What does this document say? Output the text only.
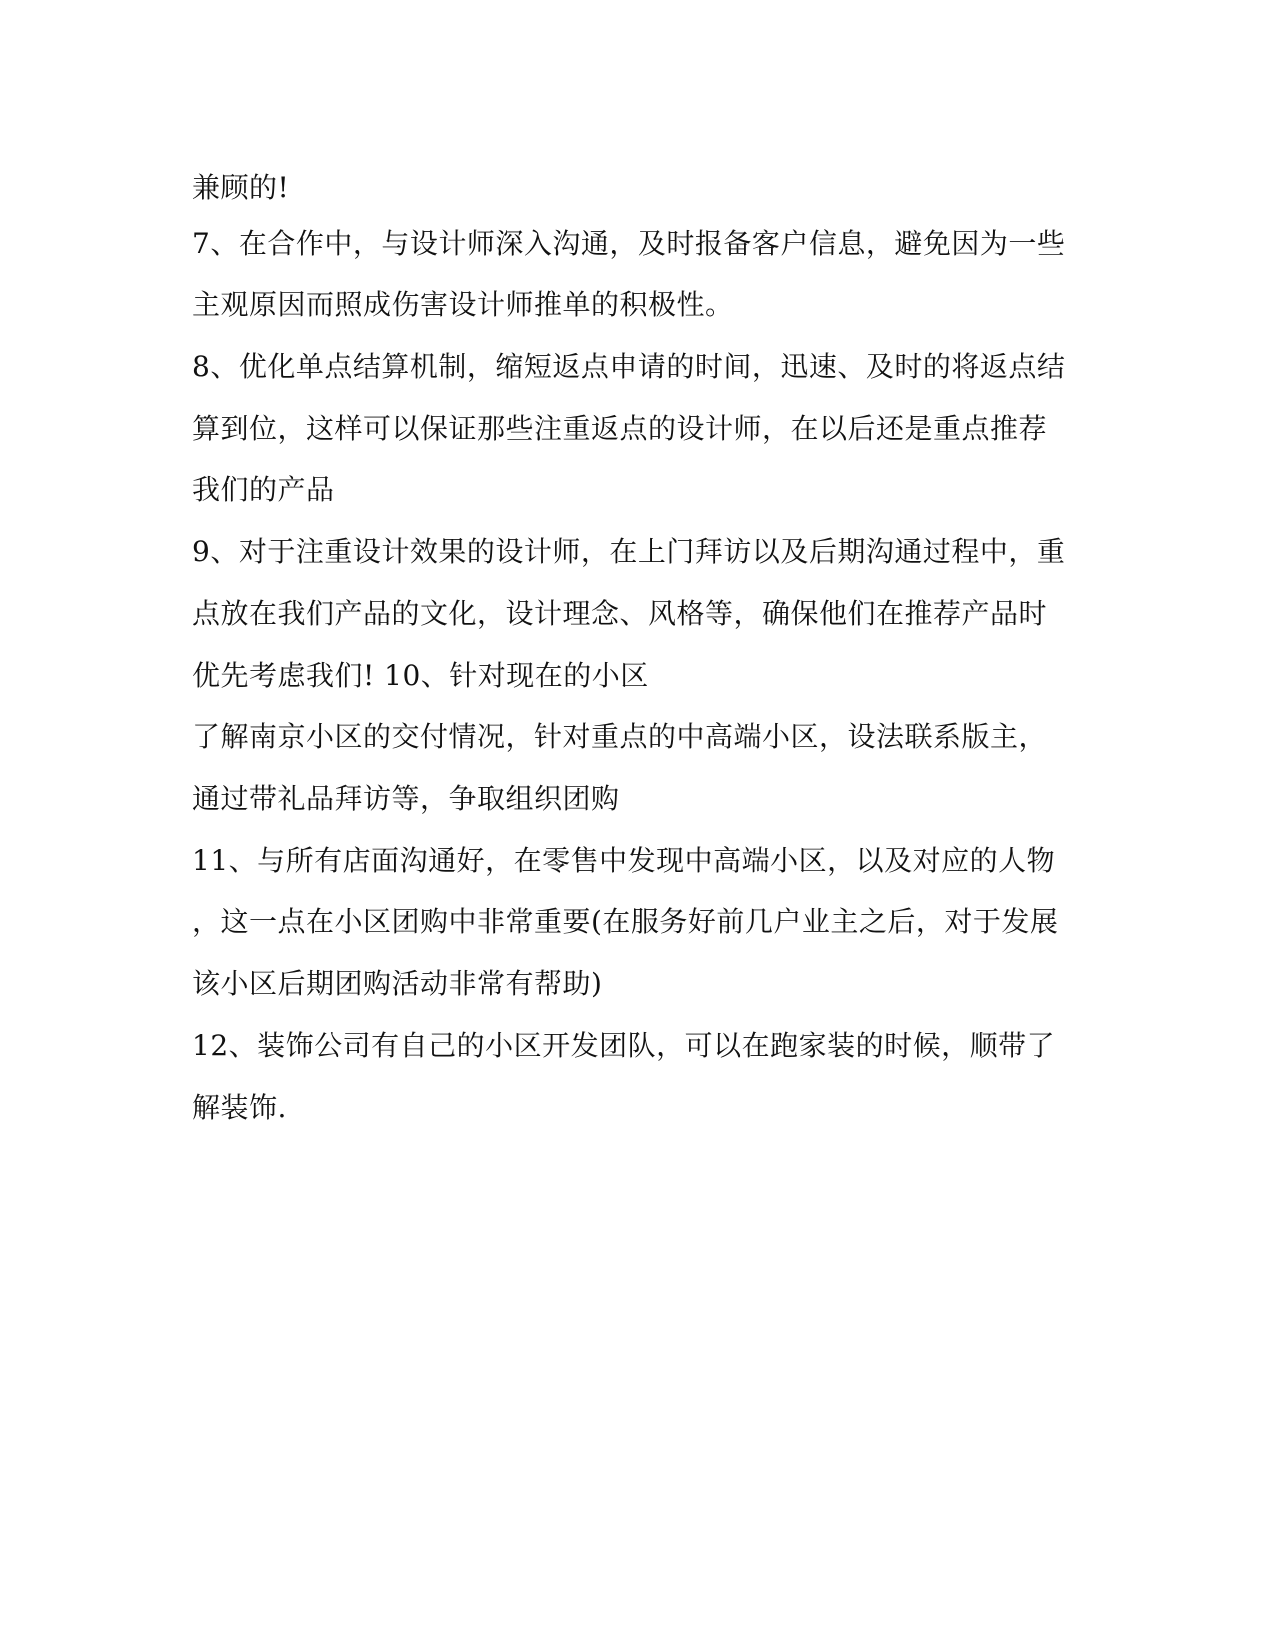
兼顾的!
7、在合作中，与设计师深入沟通，及时报备客户信息，避免因为一些
主观原因而照成伤害设计师推单的积极性。
8、优化单点结算机制，缩短返点申请的时间，迅速、及时的将返点结
算到位，这样可以保证那些注重返点的设计师，在以后还是重点推荐
我们的产品
9、对于注重设计效果的设计师，在上门拜访以及后期沟通过程中，重
点放在我们产品的文化，设计理念、风格等，确保他们在推荐产品时
优先考虑我们! 10、针对现在的小区
了解南京小区的交付情况，针对重点的中高端小区，设法联系版主，
通过带礼品拜访等，争取组织团购
11、与所有店面沟通好，在零售中发现中高端小区，以及对应的人物
，这一点在小区团购中非常重要(在服务好前几户业主之后，对于发展
该小区后期团购活动非常有帮助)
12、装饰公司有自己的小区开发团队，可以在跑家装的时候，顺带了
解装饰.
